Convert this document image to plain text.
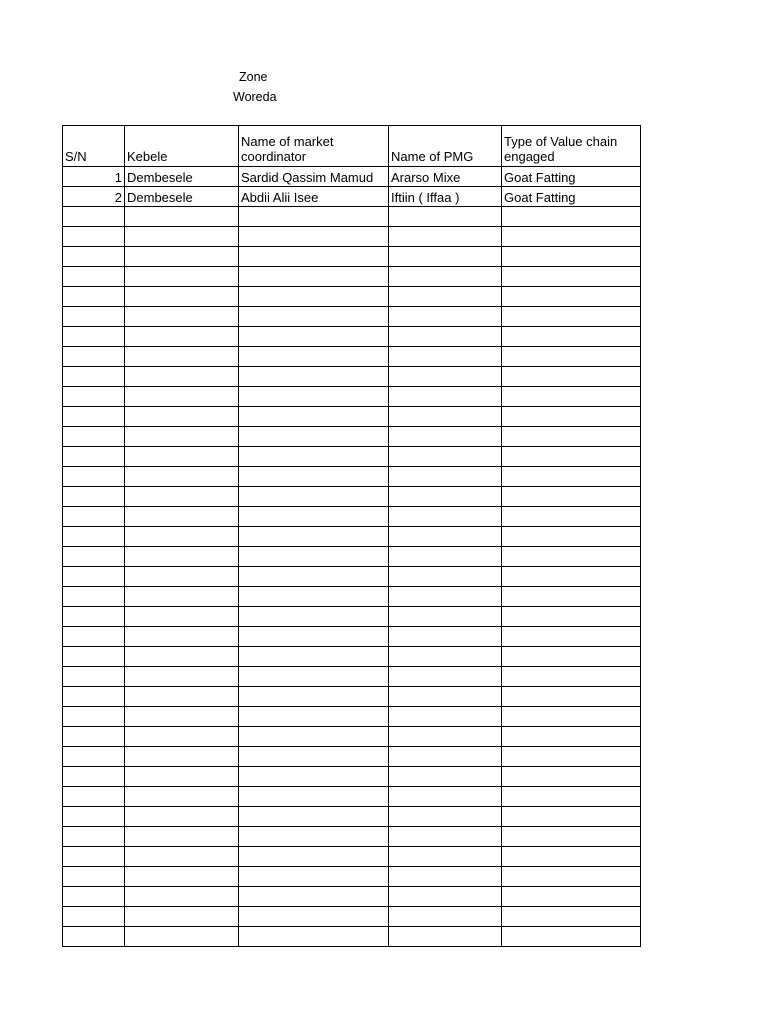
Zone
Woreda
S/N	Kebele	Name of market coordinator	Name of PMG	Type of Value chain engaged

1	Dembesele	Sardid Qassim Mamud	Ararso Mixe	Goat Fatting
2	Dembesele	Abdii Alii Isee	Iftiin ( Iffaa )	Goat Fatting
